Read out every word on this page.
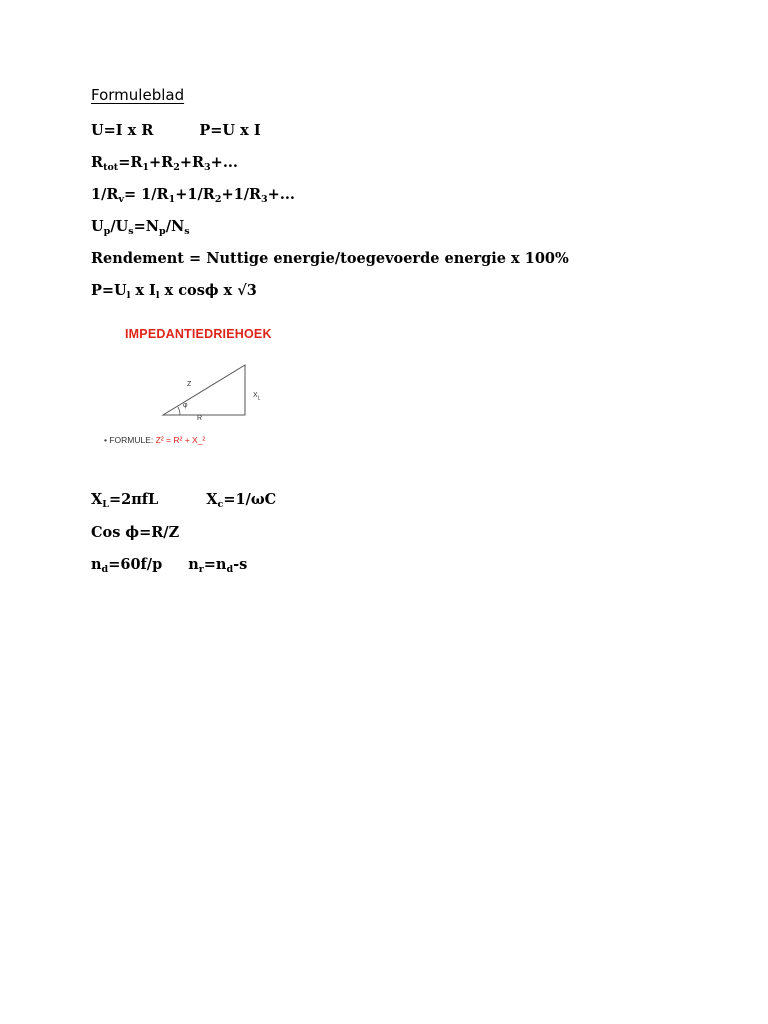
Formuleblad
U=I x R	P=U x I
$R_{tot}=R_1+R_2+R_3+$...
$1/R_v= 1/R_1+1/R_2+1/R_3+$...
$U_p/U_s=N_p/N_s$
Rendement = Nuttige energie/toegevoerde energie x 100%
$P=U_l$ x $I_l$ x cosϕ x √3
IMPEDANTIEDRIEHOEK
Z
φ
R
$X_L$
• FORMULE: Z² = R² + X_²
$X_L=2\pi fL$	$X_c=1/\omega C$
Cos ϕ=R/Z
$n_d=60f/p$ $n_r=n_d-s$
